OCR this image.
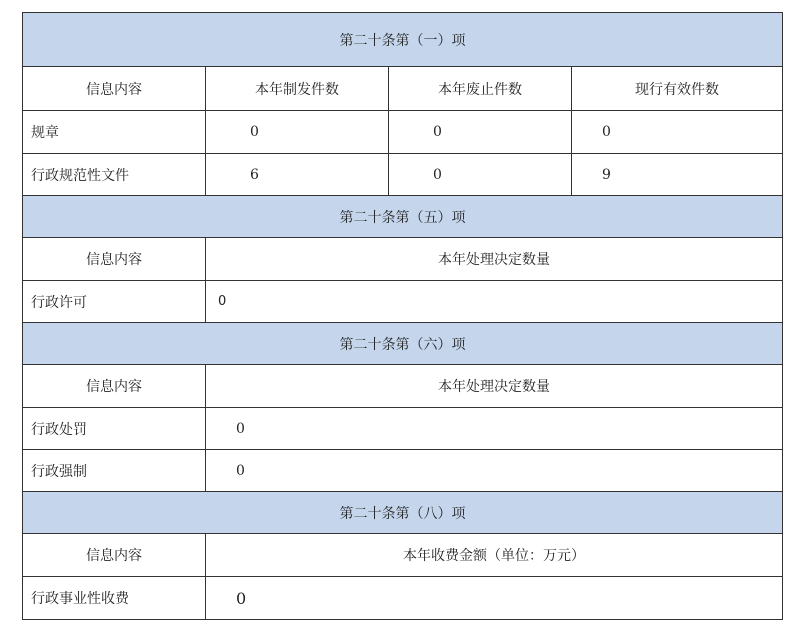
第二十条第（一）项			
信息内容	本年制发件数	本年废止件数	现行有效件数
规章	0	0	0
行政规范性文件	6	0	9
第二十条第（五）项			
信息内容	本年处理决定数量		
行政许可	0		
第二十条第（六）项			
信息内容	本年处理决定数量		
行政处罚	0		
行政强制	0		
第二十条第（八）项			
信息内容	本年收费金额（单位：万元）		
行政事业性收费	0		
